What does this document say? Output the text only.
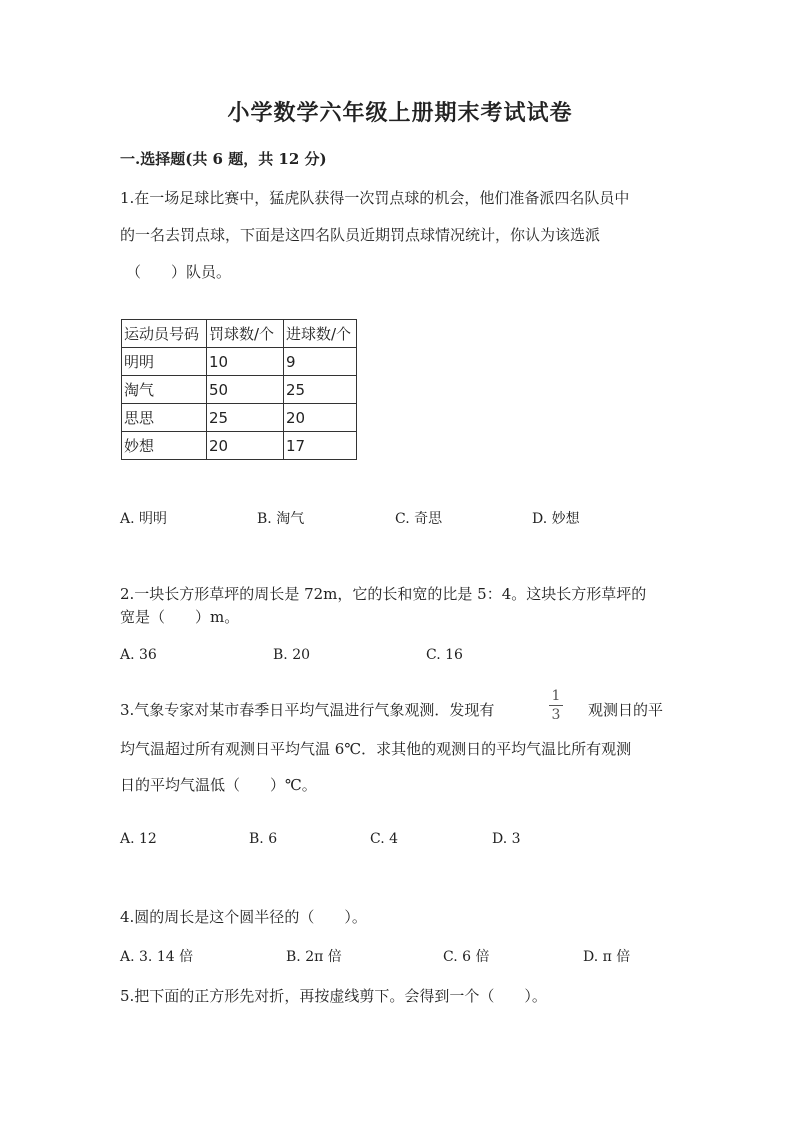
小学数学六年级上册期末考试试卷
一.选择题(共 6 题，共 12 分)
1.在一场足球比赛中，猛虎队获得一次罚点球的机会，他们准备派四名队员中
的一名去罚点球，下面是这四名队员近期罚点球情况统计，你认为该选派
（　　）队员。
运动员号码	罚球数/个	进球数/个
明明	10	9
淘气	50	25
思思	25	20
妙想	20	17
A. 明明	B. 淘气	C. 奇思	D. 妙想
2.一块长方形草坪的周长是 72m，它的长和宽的比是 5：4。这块长方形草坪的
宽是（　　）m。
A. 36	B. 20	C. 16
3.气象专家对某市春季日平均气温进行气象观测．发现有
1
3 观测日的平
均气温超过所有观测日平均气温 6℃．求其他的观测日的平均气温比所有观测
日的平均气温低（　　）℃。
A. 12	B. 6	C. 4	D. 3
4.圆的周长是这个圆半径的（　　）。
A. 3. 14 倍	B. 2π 倍	C. 6 倍	D. π 倍
5.把下面的正方形先对折，再按虚线剪下。会得到一个（　　）。
